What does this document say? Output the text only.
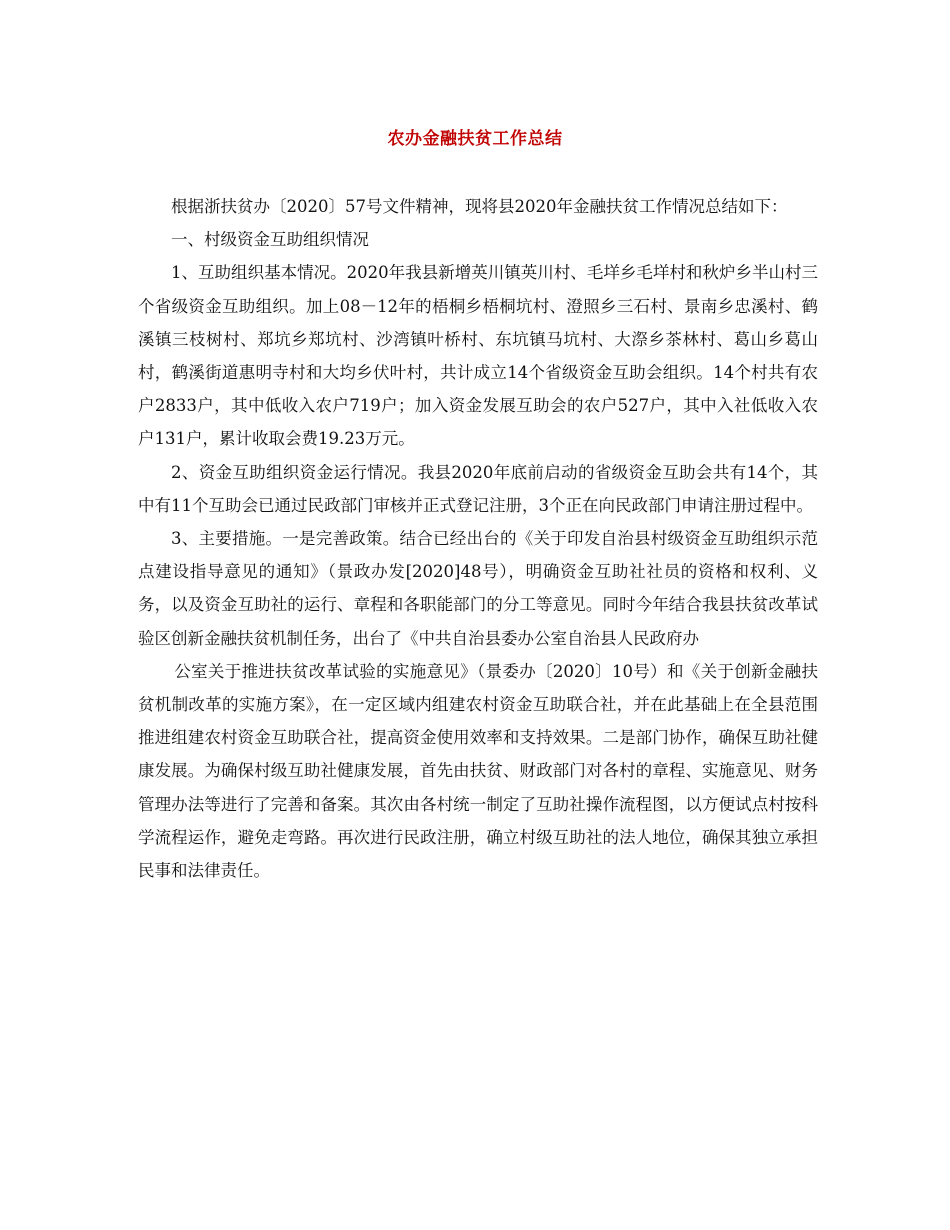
农办金融扶贫工作总结

根据浙扶贫办〔2020〕57号文件精神，现将县2020年金融扶贫工作情况总结如下：

一、村级资金互助组织情况

1、互助组织基本情况。2020年我县新增英川镇英川村、毛垟乡毛垟村和秋炉乡半山村三个省级资金互助组织。加上08－12年的梧桐乡梧桐坑村、澄照乡三石村、景南乡忠溪村、鹤溪镇三枝树村、郑坑乡郑坑村、沙湾镇叶桥村、东坑镇马坑村、大漈乡茶林村、葛山乡葛山村，鹤溪街道惠明寺村和大均乡伏叶村，共计成立14个省级资金互助会组织。14个村共有农户2833户，其中低收入农户719户；加入资金发展互助会的农户527户，其中入社低收入农户131户，累计收取会费19.23万元。

2、资金互助组织资金运行情况。我县2020年底前启动的省级资金互助会共有14个，其中有11个互助会已通过民政部门审核并正式登记注册，3个正在向民政部门申请注册过程中。

3、主要措施。一是完善政策。结合已经出台的《关于印发自治县村级资金互助组织示范点建设指导意见的通知》（景政办发[2020]48号），明确资金互助社社员的资格和权利、义务，以及资金互助社的运行、章程和各职能部门的分工等意见。同时今年结合我县扶贫改革试验区创新金融扶贫机制任务，出台了《中共自治县委办公室自治县人民政府办

公室关于推进扶贫改革试验的实施意见》（景委办〔2020〕10号）和《关于创新金融扶贫机制改革的实施方案》，在一定区域内组建农村资金互助联合社，并在此基础上在全县范围推进组建农村资金互助联合社，提高资金使用效率和支持效果。二是部门协作，确保互助社健康发展。为确保村级互助社健康发展，首先由扶贫、财政部门对各村的章程、实施意见、财务管理办法等进行了完善和备案。其次由各村统一制定了互助社操作流程图，以方便试点村按科学流程运作，避免走弯路。再次进行民政注册，确立村级互助社的法人地位，确保其独立承担民事和法律责任。
